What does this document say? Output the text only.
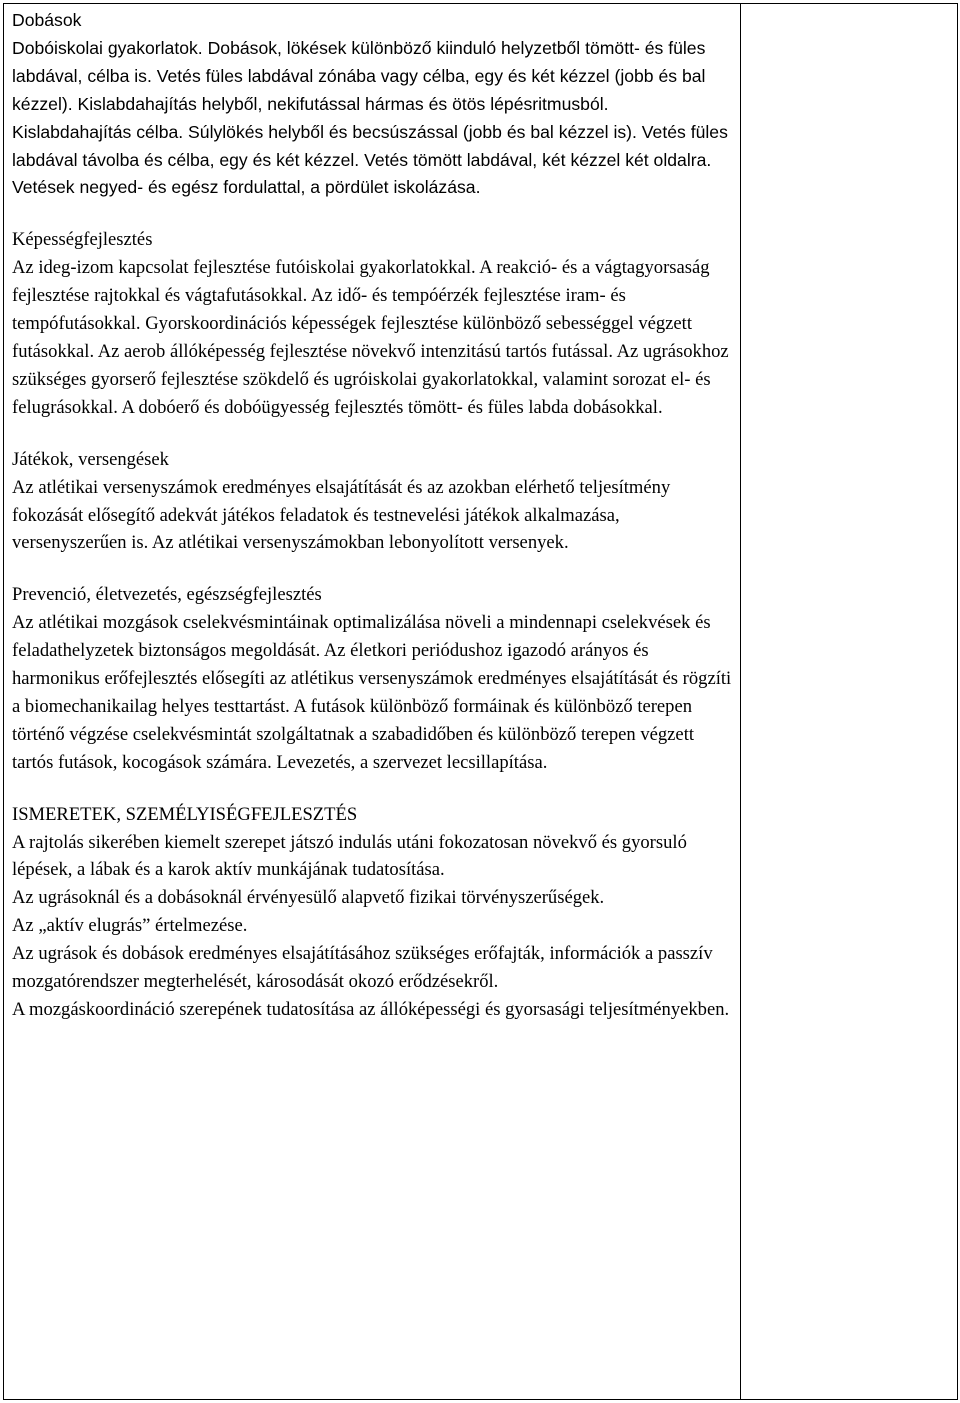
Dobások

Dobóiskolai gyakorlatok. Dobások, lökések különböző kiinduló helyzetből tömött- és füles labdával, célba is. Vetés füles labdával zónába vagy célba, egy és két kézzel (jobb és bal kézzel). Kislabdahajítás helyből, nekifutással hármas és ötös lépésritmusból. Kislabdahajítás célba. Súlylökés helyből és becsúszással (jobb és bal kézzel is). Vetés füles labdával távolba és célba, egy és két kézzel. Vetés tömött labdával, két kézzel két oldalra. Vetések negyed- és egész fordulattal, a pördület iskolázása.

Képességfejlesztés

Az ideg-izom kapcsolat fejlesztése futóiskolai gyakorlatokkal. A reakció- és a vágtagyorsaság fejlesztése rajtokkal és vágtafutásokkal. Az idő- és tempóérzék fejlesztése iram- és tempófutásokkal. Gyorskoordinációs képességek fejlesztése különböző sebességgel végzett futásokkal. Az aerob állóképesség fejlesztése növekvő intenzitású tartós futással. Az ugrásokhoz szükséges gyorserő fejlesztése szökdelő és ugróiskolai gyakorlatokkal, valamint sorozat el- és felugrásokkal. A dobóerő és dobóügyesség fejlesztés tömött- és füles labda dobásokkal.

Játékok, versengések

Az atlétikai versenyszámok eredményes elsajátítását és az azokban elérhető teljesítmény fokozását elősegítő adekvát játékos feladatok és testnevelési játékok alkalmazása, versenyszerűen is. Az atlétikai versenyszámokban lebonyolított versenyek.

Prevenció, életvezetés, egészségfejlesztés

Az atlétikai mozgások cselekvésmintáinak optimalizálása növeli a mindennapi cselekvések és feladathelyzetek biztonságos megoldását. Az életkori periódushoz igazodó arányos és harmonikus erőfejlesztés elősegíti az atlétikus versenyszámok eredményes elsajátítását és rögzíti a biomechanikailag helyes testtartást. A futások különböző formáinak és különböző terepen történő végzése cselekvésmintát szolgáltatnak a szabadidőben és különböző terepen végzett tartós futások, kocogások számára. Levezetés, a szervezet lecsillapítása.

ISMERETEK, SZEMÉLYISÉGFEJLESZTÉS

A rajtolás sikerében kiemelt szerepet játszó indulás utáni fokozatosan növekvő és gyorsuló lépések, a lábak és a karok aktív munkájának tudatosítása.

Az ugrásoknál és a dobásoknál érvényesülő alapvető fizikai törvényszerűségek.

Az „aktív elugrás” értelmezése.

Az ugrások és dobások eredményes elsajátításához szükséges erőfajták, információk a passzív mozgatórendszer megterhelését, károsodását okozó erődzésekről.

A mozgáskoordináció szerepének tudatosítása az állóképességi és gyorsasági teljesítményekben.
